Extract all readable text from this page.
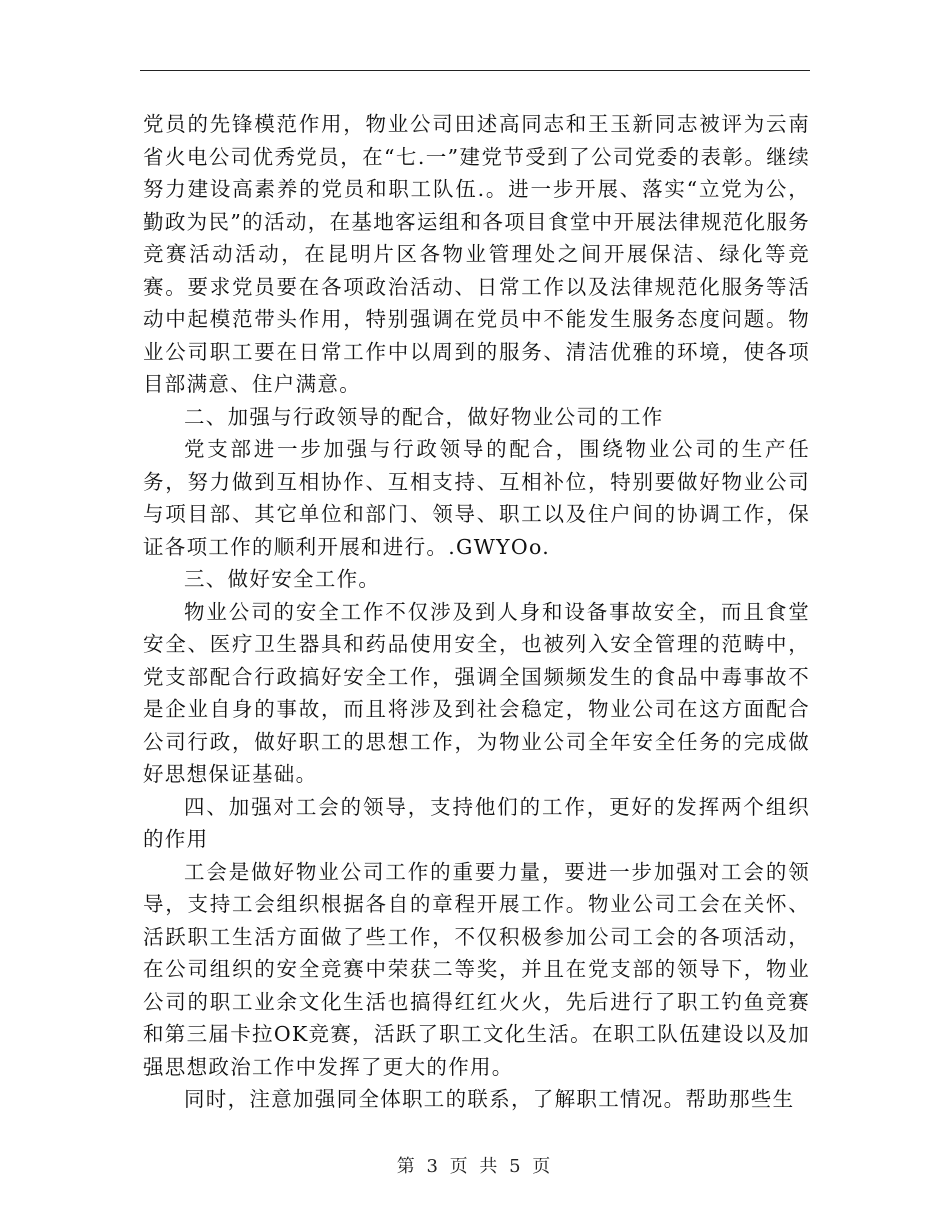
党员的先锋模范作用，物业公司田述高同志和王玉新同志被评为云南省火电公司优秀党员，在“七.一”建党节受到了公司党委的表彰。继续努力建设高素养的党员和职工队伍.。进一步开展、落实“立党为公，勤政为民”的活动，在基地客运组和各项目食堂中开展法律规范化服务竞赛活动活动，在昆明片区各物业管理处之间开展保洁、绿化等竞赛。要求党员要在各项政治活动、日常工作以及法律规范化服务等活动中起模范带头作用，特别强调在党员中不能发生服务态度问题。物业公司职工要在日常工作中以周到的服务、清洁优雅的环境，使各项目部满意、住户满意。

二、加强与行政领导的配合，做好物业公司的工作

党支部进一步加强与行政领导的配合，围绕物业公司的生产任务，努力做到互相协作、互相支持、互相补位，特别要做好物业公司与项目部、其它单位和部门、领导、职工以及住户间的协调工作，保证各项工作的顺利开展和进行。.GWYOo.

三、做好安全工作。

物业公司的安全工作不仅涉及到人身和设备事故安全，而且食堂安全、医疗卫生器具和药品使用安全，也被列入安全管理的范畴中，党支部配合行政搞好安全工作，强调全国频频发生的食品中毒事故不是企业自身的事故，而且将涉及到社会稳定，物业公司在这方面配合公司行政，做好职工的思想工作，为物业公司全年安全任务的完成做好思想保证基础。

四、加强对工会的领导，支持他们的工作，更好的发挥两个组织的作用

工会是做好物业公司工作的重要力量，要进一步加强对工会的领导，支持工会组织根据各自的章程开展工作。物业公司工会在关怀、活跃职工生活方面做了些工作，不仅积极参加公司工会的各项活动，在公司组织的安全竞赛中荣获二等奖，并且在党支部的领导下，物业公司的职工业余文化生活也搞得红红火火，先后进行了职工钓鱼竞赛和第三届卡拉OK竞赛，活跃了职工文化生活。在职工队伍建设以及加强思想政治工作中发挥了更大的作用。

同时，注意加强同全体职工的联系，了解职工情况。帮助那些生

第 3 页 共 5 页
